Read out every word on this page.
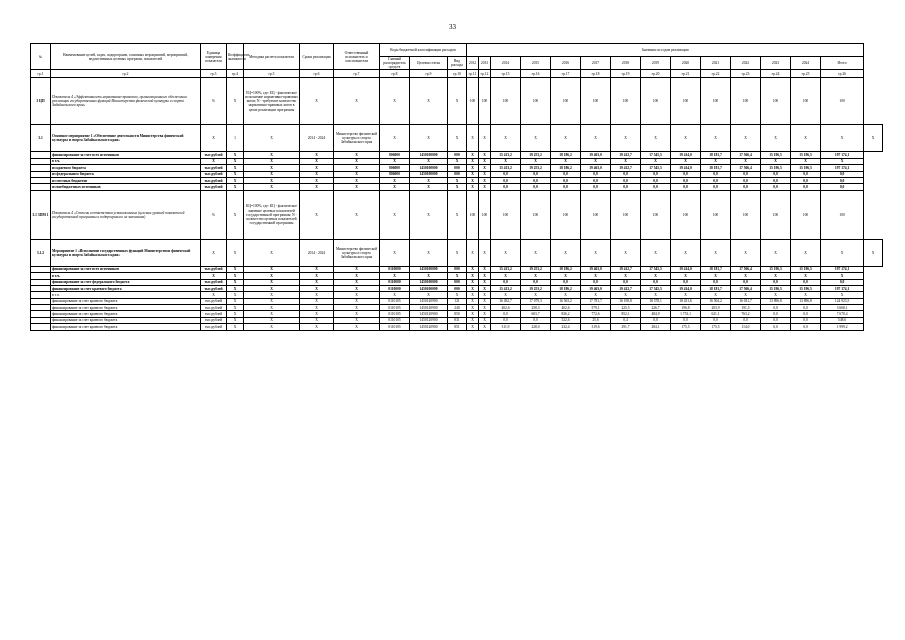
33
№	Наименование целей, задач, подпрограмм, основных мероприятий, мероприятий, ведомственных целевых программ, показателей	Единица измерения показателя	Коэффициент значимости	Методика расчета показателя	Сроки реализации	Ответственный исполнитель и соисполнители	Коды бюджетной классификации расходов			Значения по годам реализации														
							Главный распорядитель средств	Целевая статья	Вид расхода	2012	2013	2014	2015	2016	2017	2018	2019	2020	2021	2022	2023	2024	Итого	
гр.1	гр.2	гр.3	гр.4	гр.5	гр.6	гр.7	гр.8	гр.9	гр.10	гр.11	гр.12	гр.15	гр.16	гр.17	гр.18	гр.19	гр.20	гр.21	гр.22	гр.23	гр.24	гр.25	гр.26	
3 ЦП	Показатель 4 «Эффективность нормативно-правового, организационного обеспечения реализации государственных функций Министерства физической культуры и спорта Забайкальского края»	%	Х	ЕЦ=100%, где: ЕЦ - фактическое исполнение нормативно-правовых актов; N - требуемое количество нормативно-правовых актов в целях реализации программы	Х	Х	Х	Х	Х	100	100	100	100	100	100	100	100	100	100	100	100	100	100	
3.1	Основное мероприятие 1 «Обеспечение деятельности Министерства физической культуры и спорта Забайкальского края»	Х	1	Х	2014 - 2024	Министерство физической культуры и спорта Забайкальского края	Х	Х	Х	Х	Х	Х	Х	Х	Х	Х	Х	Х	Х	Х	Х	Х	Х	Х
	финансирование за счет всех источников	тыс.рублей	Х	Х	Х	Х	806000	1450100000	000	Х	Х	15 413,2	19 253,2	18 186,2	19 463,0	19 412,7	17 545,5	19 414,0	18 181,7	17 566,4	15 196,5	15 196,5	197 174,1	
	в т.ч.	Х	Х	Х	Х	Х	Х	Х	Х	Х	Х	Х	Х	Х	Х	Х	Х	Х	Х	Х	Х	Х	Х	
	из краевого бюджета	тыс.рублей	Х	Х	Х	Х	806000	1450100000	000	Х	Х	15 413,2	19 253,2	18 186,2	19 463,0	19 412,7	17 545,5	19 414,0	18 181,7	17 566,4	15 196,5	15 196,5	197 174,1	
	из федерального бюджета	тыс.рублей	Х	Х	Х	Х	806000	1450100000	000	Х	Х	0,0	0,0	0,0	0,0	0,0	0,0	0,0	0,0	0,0	0,0	0,0	0,0	
	из местных бюджетов	тыс.рублей	Х	Х	Х	Х	Х	Х	Х	Х	Х	0,0	0,0	0,0	0,0	0,0	0,0	0,0	0,0	0,0	0,0	0,0	0,0	
	из внебюджетных источников	тыс.рублей	Х	Х	Х	Х	Х	Х	Х	Х	Х	0,0	0,0	0,0	0,0	0,0	0,0	0,0	0,0	0,0	0,0	0,0	0,0	
3.1 ЗПМ 1	Показатель 4 «Степень соответствия установленных (целевых уровней показателей государственной программы и подпрограмм к их значениям)	%	Х	КЦ=100%, где: КЦ - фактическое значение целевых показателей государственной программы; N - количество целевых показателей государственной программы	Х	Х	Х	Х	Х	100	100	100	100	100	100	100	100	100	100	100	100	100	100	
3.1.2	Мероприятие 1 «Исполнение государственных функций Министерством физической культуры и спорта Забайкальского края»	Х	Х	Х	2014 - 2024	Министерство физической культуры и спорта Забайкальского края	Х	Х	Х	Х	Х	Х	Х	Х	Х	Х	Х	Х	Х	Х	Х	Х	Х	Х
	финансирование за счет всех источников	тыс.рублей	Х	Х	Х	Х	0110000	1450100000	000	Х	Х	15 413,2	19 253,2	18 186,2	19 463,0	19 412,7	17 545,5	19 414,0	18 181,7	17 566,4	15 196,5	15 196,5	197 174,1	
	в т.ч.	Х	Х	Х	Х	Х	Х	Х	Х	Х	Х	Х	Х	Х	Х	Х	Х	Х	Х	Х	Х	Х	Х	
	финансирование за счет федерального бюджета	тыс.рублей	Х	Х	Х	Х	0110000	1450100000	000	Х	Х	0,0	0,0	0,0	0,0	0,0	0,0	0,0	0,0	0,0	0,0	0,0	0,0	
	финансирование за счет краевого бюджета	тыс.рублей	Х	Х	Х	Х	0110000	1450100000	000	Х	Х	15 413,2	19 253,2	18 186,2	19 463,0	19 412,7	17 545,5	19 414,0	18 181,7	17 566,4	15 196,5	15 196,5	197 174,1	
	в т.ч.	Х	Х	Х	Х	Х	Х	Х	Х	Х	Х	Х	Х	Х	Х	Х	Х	Х	Х	Х	Х	Х	Х	
	финансирование за счет краевого бюджета	тыс.рублей	Х	Х	Х	Х	0110105	1450120900	121	Х	Х	16 492,7	17 079,3	16 563,2	17 781,7	16 190,8	18 578,1	18 431,6	16 504,2	16 031,7	13 896,8	13 896,8	124 923,5	
	финансирование за счет краевого бюджета	тыс.рублей	Х	Х	Х	Х	0110105	1450120900	240	Х	Х	402,6	258,3	402,6	579,1	225,5	226,7	196,8	203,9	191,5	0,0	0,0	3 668,1	
	финансирование за счет краевого бюджета	тыс.рублей	Х	Х	Х	Х	0110105	1450120900	850	Х	Х	0,0	603,7	836,2	772,6	852,1	484,9	1 753,1	621,1	763,2	0,0	0,0	7 670,4	
	финансирование за счет краевого бюджета	тыс.рублей	Х	Х	Х	Х	0110105	1450120900	831	Х	Х	0,0	0,0	522,6	25,6	0,4	0,0	0,0	0,0	0,0	0,0	0,0	548,6	
	финансирование за счет краевого бюджета	тыс.рублей	Х	Х	Х	Х	0110105	1450120900	851	Х	Х	311,9	228,0	232,4	319,6	291,7	284,1	175,5	175,5	114,0	0,0	0,0	1 999,2	
